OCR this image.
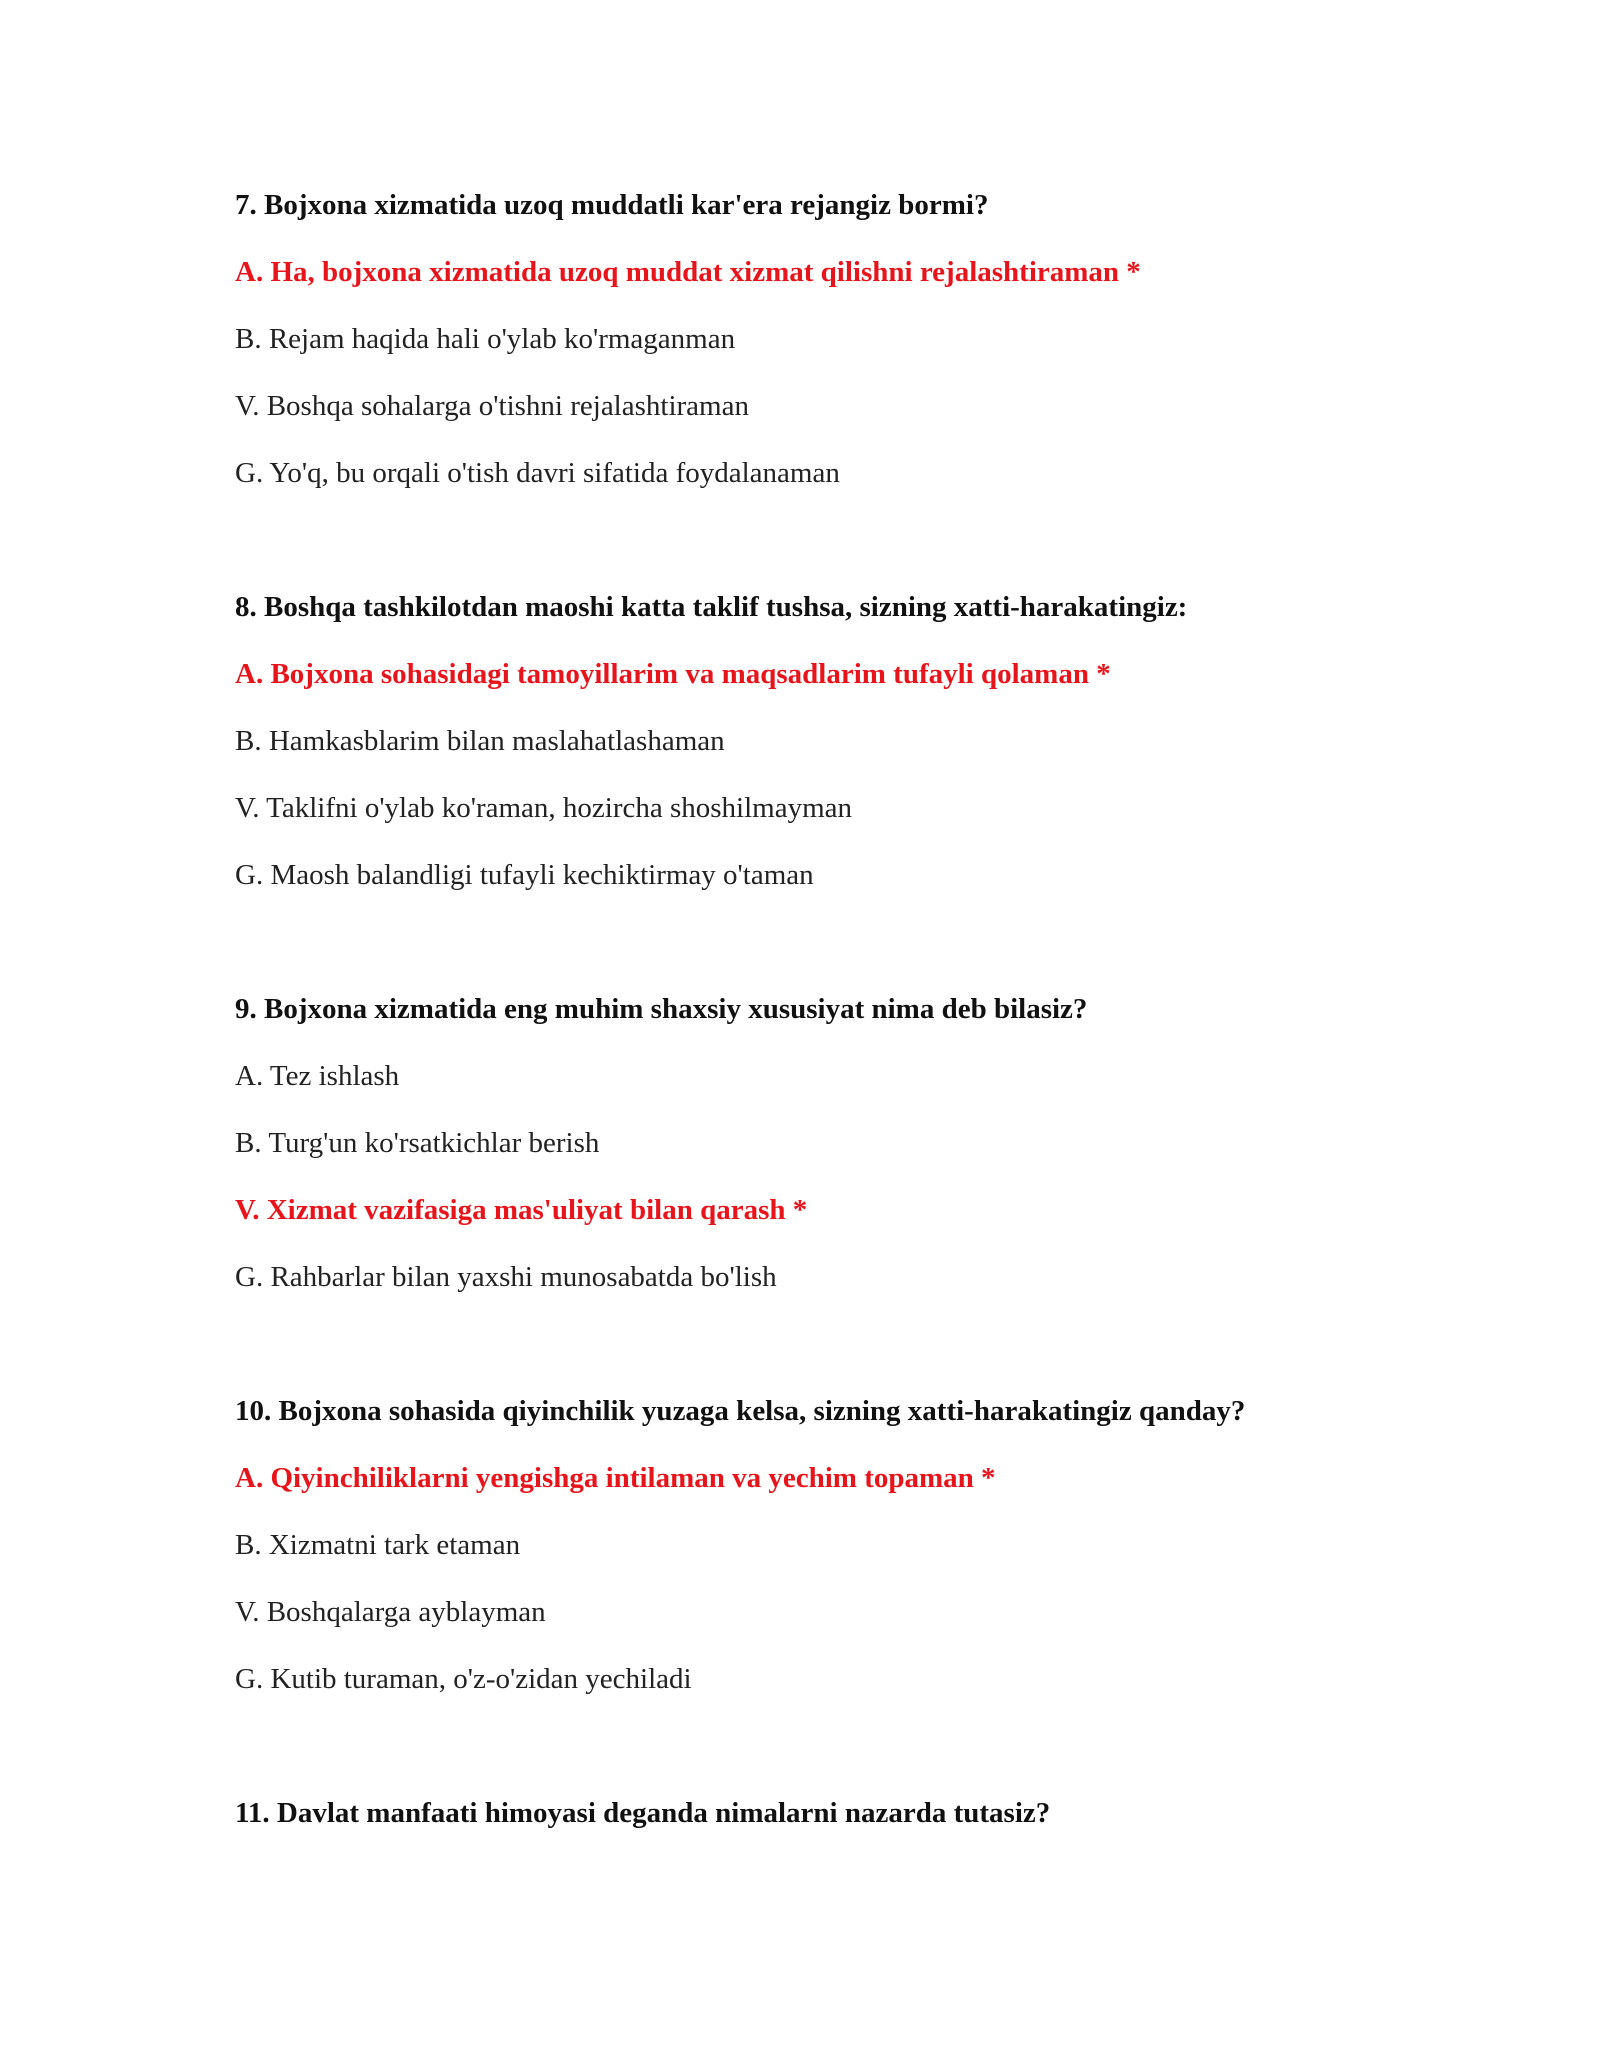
7. Bojxona xizmatida uzoq muddatli kar'era rejangiz bormi?
A. Ha, bojxona xizmatida uzoq muddat xizmat qilishni rejalashtiraman *
B. Rejam haqida hali o'ylab ko'rmaganman
V. Boshqa sohalarga o'tishni rejalashtiraman
G. Yo'q, bu orqali o'tish davri sifatida foydalanaman
8. Boshqa tashkilotdan maoshi katta taklif tushsa, sizning xatti-harakatingiz:
A. Bojxona sohasidagi tamoyillarim va maqsadlarim tufayli qolaman *
B. Hamkasblarim bilan maslahatlashaman
V. Taklifni o'ylab ko'raman, hozircha shoshilmayman
G. Maosh balandligi tufayli kechiktirmay o'taman
9. Bojxona xizmatida eng muhim shaxsiy xususiyat nima deb bilasiz?
A. Tez ishlash
B. Turg'un ko'rsatkichlar berish
V. Xizmat vazifasiga mas'uliyat bilan qarash *
G. Rahbarlar bilan yaxshi munosabatda bo'lish
10. Bojxona sohasida qiyinchilik yuzaga kelsa, sizning xatti-harakatingiz qanday?
A. Qiyinchiliklarni yengishga intilaman va yechim topaman *
B. Xizmatni tark etaman
V. Boshqalarga ayblayman
G. Kutib turaman, o'z-o'zidan yechiladi
11. Davlat manfaati himoyasi deganda nimalarni nazarda tutasiz?
